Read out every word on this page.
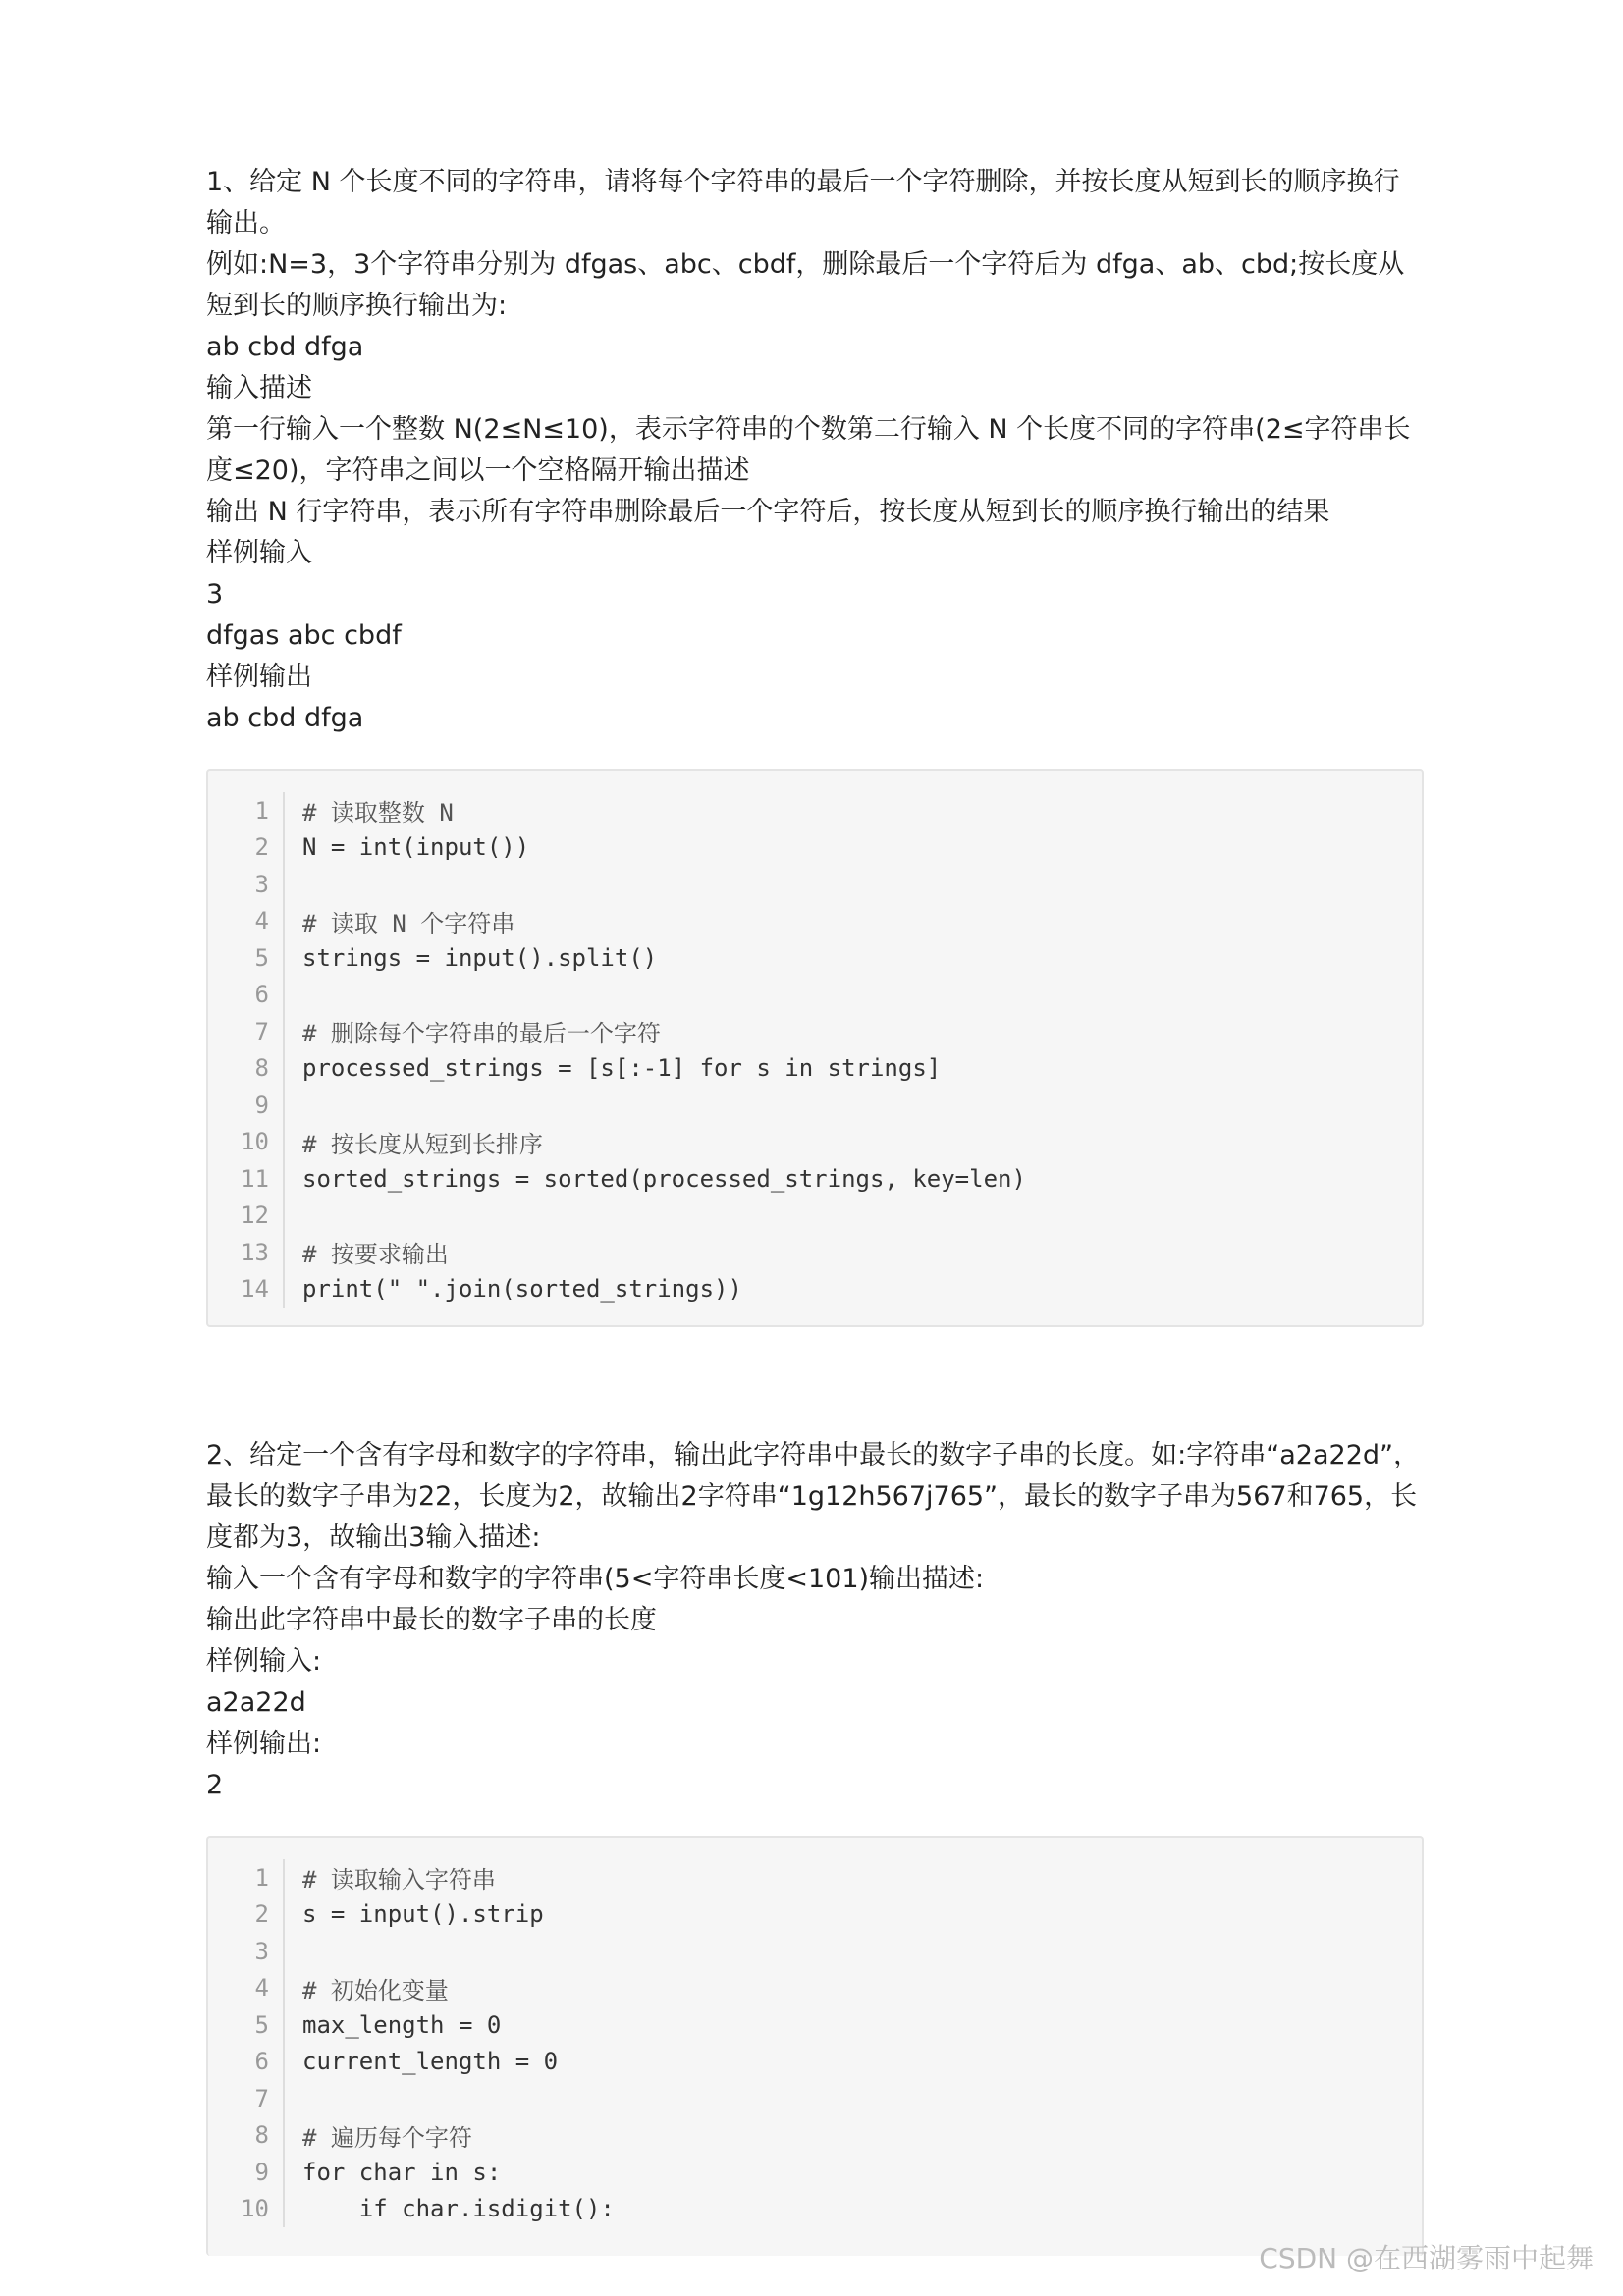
1、给定 N 个长度不同的字符串，请将每个字符串的最后一个字符删除，并按长度从短到长的顺序换行输出。

例如:N=3，3个字符串分别为 dfgas、abc、cbdf，删除最后一个字符后为 dfga、ab、cbd;按长度从短到长的顺序换行输出为:

ab cbd dfga

输入描述

第一行输入一个整数 N(2≤N≤10)，表示字符串的个数第二行输入 N 个长度不同的字符串(2≤字符串长度≤20)，字符串之间以一个空格隔开输出描述

输出 N 行字符串，表示所有字符串删除最后一个字符后，按长度从短到长的顺序换行输出的结果

样例输入

3

dfgas abc cbdf

样例输出

ab cbd dfga

1	# 读取整数 N
2	N = int(input())
3
4	# 读取 N 个字符串
5	strings = input().split()
6
7	# 删除每个字符串的最后一个字符
8	processed_strings = [s[:-1] for s in strings]
9
10	# 按长度从短到长排序
11	sorted_strings = sorted(processed_strings, key=len)
12
13	# 按要求输出
14	print(" ".join(sorted_strings))

2、给定一个含有字母和数字的字符串，输出此字符串中最长的数字子串的长度。如:字符串“a2a22d”，最长的数字子串为22，长度为2，故输出2字符串“1g12h567j765”，最长的数字子串为567和765，长度都为3，故输出3输入描述:

输入一个含有字母和数字的字符串(5<字符串长度<101)输出描述:

输出此字符串中最长的数字子串的长度

样例输入:

a2a22d

样例输出:

2

1	# 读取输入字符串
2	s = input().strip
3
4	# 初始化变量
5	max_length = 0
6	current_length = 0
7
8	# 遍历每个字符
9	for char in s:
10	if char.isdigit():
CSDN @在西湖雾雨中起舞
